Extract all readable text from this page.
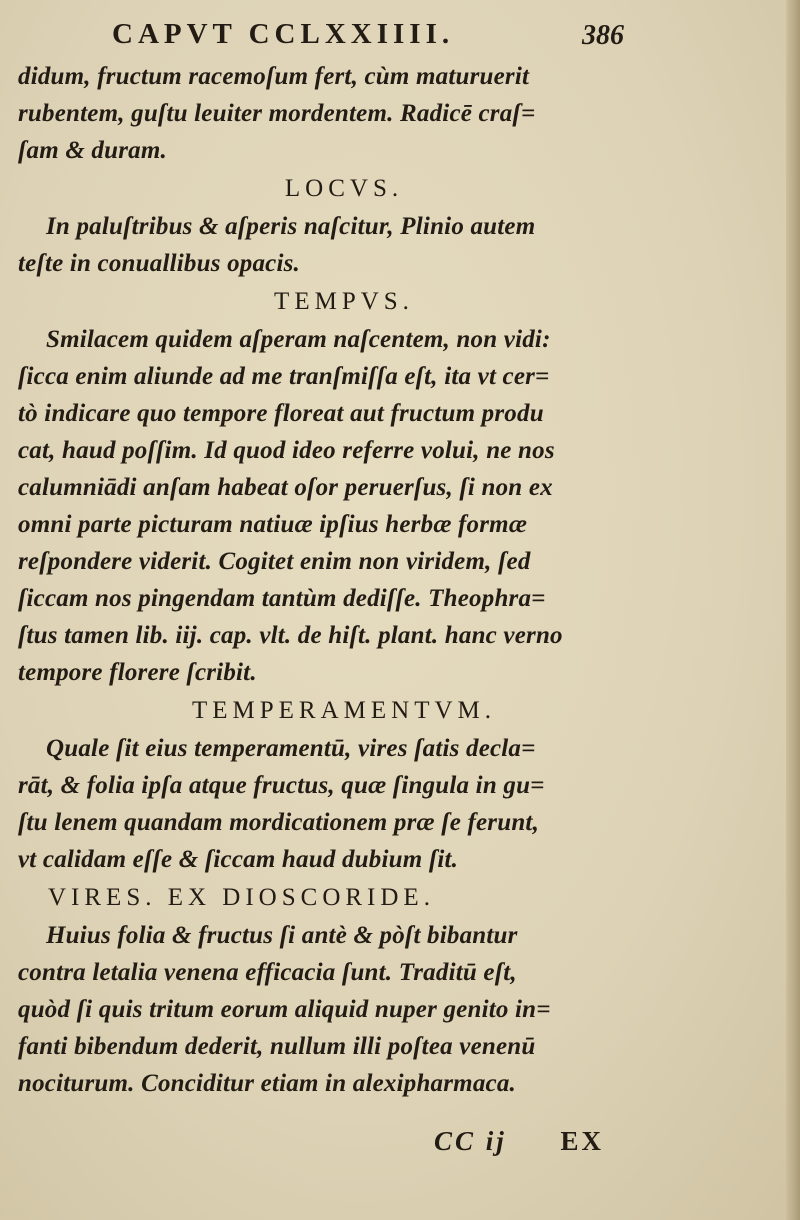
CAPVT CCLXXIIII.	386
didum, fructum racemoſum fert, cùm maturuerit
rubentem, guſtu leuiter mordentem. Radicē craſ=
ſam & duram.
LOCVS.
In paluſtribus & aſperis naſcitur, Plinio autem
teſte in conuallibus opacis.
TEMPVS.
Smilacem quidem aſperam naſcentem, non vidi:
ſicca enim aliunde ad me tranſmiſſa eſt, ita vt cer=
tò indicare quo tempore floreat aut fructum produ
cat, haud poſſim. Id quod ideo referre volui, ne nos
calumniādi anſam habeat oſor peruerſus, ſi non ex
omni parte picturam natiuæ ipſius herbæ formæ
reſpondere viderit. Cogitet enim non viridem, ſed
ſiccam nos pingendam tantùm dediſſe. Theophra=
ſtus tamen lib. iij. cap. vlt. de hiſt. plant. hanc verno
tempore florere ſcribit.
TEMPERAMENTVM.
Quale ſit eius temperamentū, vires ſatis decla=
rāt, & folia ipſa atque fructus, quæ ſingula in gu=
ſtu lenem quandam mordicationem præ ſe ferunt,
vt calidam eſſe & ſiccam haud dubium ſit.
VIRES. EX DIOSCORIDE.
Huius folia & fructus ſi antè & pòſt bibantur
contra letalia venena efficacia ſunt. Traditū eſt,
quòd ſi quis tritum eorum aliquid nuper genito in=
fanti bibendum dederit, nullum illi poſtea venenū
nociturum. Conciditur etiam in alexipharmaca.
CC ij EX
